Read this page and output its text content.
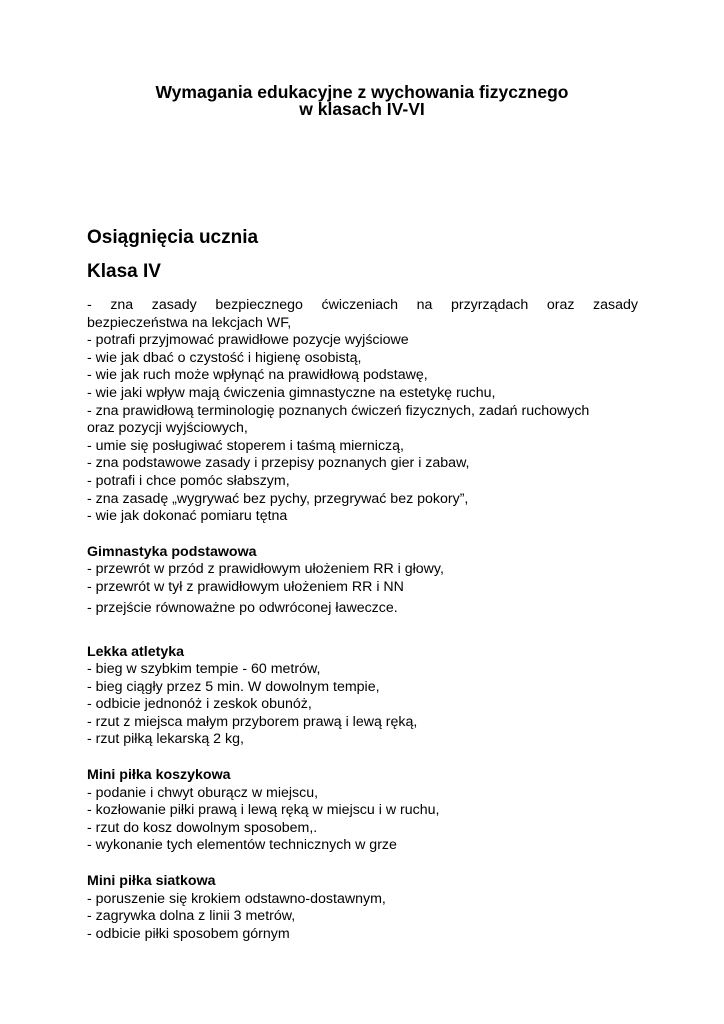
Wymagania edukacyjne z wychowania fizycznego
w klasach IV-VI
Osiągnięcia ucznia
Klasa IV
- zna zasady bezpiecznego ćwiczeniach na przyrządach oraz zasady
bezpieczeństwa na lekcjach WF,
- potrafi przyjmować prawidłowe pozycje wyjściowe
- wie jak dbać o czystość i higienę osobistą,
- wie jak ruch może wpłynąć na prawidłową podstawę,
- wie jaki wpływ mają ćwiczenia gimnastyczne na estetykę ruchu,
- zna prawidłową terminologię poznanych ćwiczeń fizycznych, zadań ruchowych
oraz pozycji wyjściowych,
- umie się posługiwać stoperem i taśmą mierniczą,
- zna podstawowe zasady i przepisy poznanych gier i zabaw,
- potrafi i chce pomóc słabszym,
- zna zasadę „wygrywać bez pychy, przegrywać bez pokory”,
- wie jak dokonać pomiaru tętna
Gimnastyka podstawowa
- przewrót w przód z prawidłowym ułożeniem RR i głowy,
- przewrót w tył z prawidłowym ułożeniem RR i NN
- przejście równoważne po odwróconej ławeczce.
Lekka atletyka
- bieg w szybkim tempie - 60 metrów,
- bieg ciągły przez 5 min. W dowolnym tempie,
- odbicie jednonóż i zeskok obunóż,
- rzut z miejsca małym przyborem prawą i lewą ręką,
- rzut piłką lekarską 2 kg,
Mini piłka koszykowa
- podanie i chwyt oburącz w miejscu,
- kozłowanie piłki prawą i lewą ręką w miejscu i w ruchu,
- rzut do kosz dowolnym sposobem,.
- wykonanie tych elementów technicznych w grze
Mini piłka siatkowa
- poruszenie się krokiem odstawno-dostawnym,
- zagrywka dolna z linii 3 metrów,
- odbicie piłki sposobem górnym
